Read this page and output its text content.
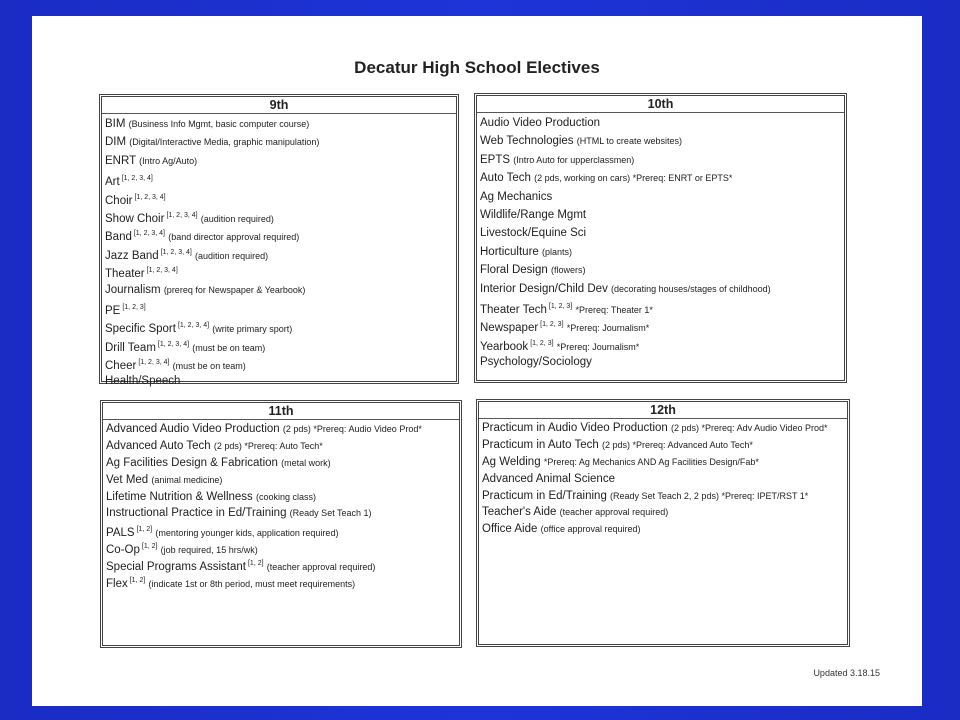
Decatur High School Electives
9th
BIM (Business Info Mgmt, basic computer course)
DIM (Digital/Interactive Media, graphic manipulation)
ENRT (Intro Ag/Auto)
Art [1, 2, 3, 4]
Choir [1, 2, 3, 4]
Show Choir [1, 2, 3, 4] (audition required)
Band [1, 2, 3, 4] (band director approval required)
Jazz Band [1, 2, 3, 4] (audition required)
Theater [1, 2, 3, 4]
Journalism (prereq for Newspaper & Yearbook)
PE [1, 2, 3]
Specific Sport [1, 2, 3, 4] (write primary sport)
Drill Team [1, 2, 3, 4] (must be on team)
Cheer [1, 2, 3, 4] (must be on team)
Health/Speech
10th
Audio Video Production
Web Technologies (HTML to create websites)
EPTS (Intro Auto for upperclassmen)
Auto Tech (2 pds, working on cars) *Prereq: ENRT or EPTS*
Ag Mechanics
Wildlife/Range Mgmt
Livestock/Equine Sci
Horticulture (plants)
Floral Design (flowers)
Interior Design/Child Dev (decorating houses/stages of childhood)
Theater Tech [1, 2, 3] *Prereq: Theater 1*
Newspaper [1, 2, 3] *Prereq: Journalism*
Yearbook [1, 2, 3] *Prereq: Journalism*
Psychology/Sociology
11th
Advanced Audio Video Production (2 pds) *Prereq: Audio Video Prod*
Advanced Auto Tech (2 pds) *Prereq: Auto Tech*
Ag Facilities Design & Fabrication (metal work)
Vet Med (animal medicine)
Lifetime Nutrition & Wellness (cooking class)
Instructional Practice in Ed/Training (Ready Set Teach 1)
PALS [1, 2] (mentoring younger kids, application required)
Co-Op [1, 2] (job required, 15 hrs/wk)
Special Programs Assistant [1, 2] (teacher approval required)
Flex [1, 2] (indicate 1st or 8th period, must meet requirements)
12th
Practicum in Audio Video Production (2 pds) *Prereq: Adv Audio Video Prod*
Practicum in Auto Tech (2 pds) *Prereq: Advanced Auto Tech*
Ag Welding *Prereq: Ag Mechanics AND Ag Facilities Design/Fab*
Advanced Animal Science
Practicum in Ed/Training (Ready Set Teach 2, 2 pds) *Prereq: IPET/RST 1*
Teacher's Aide (teacher approval required)
Office Aide (office approval required)
Updated 3.18.15
